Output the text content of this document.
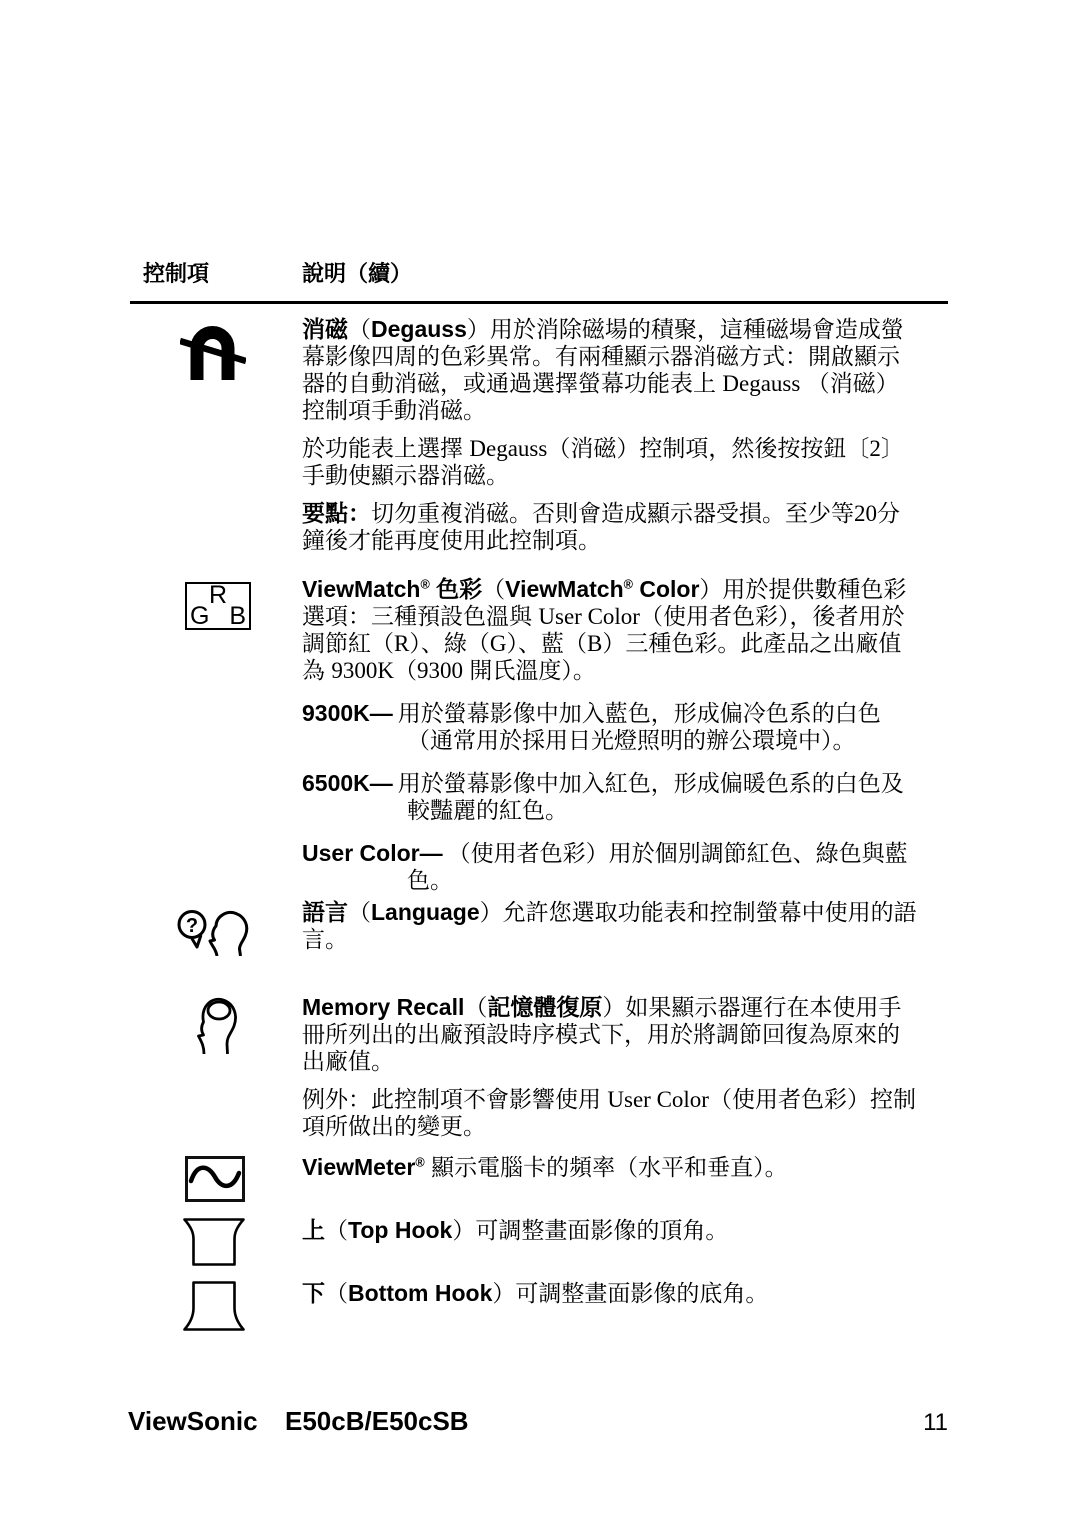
控制項	說明（續）
R
G B
?

消磁（Degauss）用於消除磁場的積聚，這種磁場會造成螢幕影像四周的色彩異常。有兩種顯示器消磁方式：開啟顯示器的自動消磁，或通過選擇螢幕功能表上 Degauss （消磁）控制項手動消磁。

於功能表上選擇 Degauss（消磁）控制項，然後按按鈕〔2〕手動使顯示器消磁。

要點：切勿重複消磁。否則會造成顯示器受損。至少等20分鐘後才能再度使用此控制項。

ViewMatch® 色彩（ViewMatch® Color）用於提供數種色彩選項：三種預設色溫與 User Color（使用者色彩），後者用於調節紅（R）、綠（G）、藍（B）三種色彩。此產品之出廠值為 9300K（9300 開氏溫度）。

9300K— 用於螢幕影像中加入藍色，形成偏冷色系的白色（通常用於採用日光燈照明的辦公環境中）。

6500K— 用於螢幕影像中加入紅色，形成偏暖色系的白色及較豔麗的紅色。

User Color— （使用者色彩）用於個別調節紅色、綠色與藍色。

語言（Language）允許您選取功能表和控制螢幕中使用的語言。

Memory Recall（記憶體復原）如果顯示器運行在本使用手冊所列出的出廠預設時序模式下，用於將調節回復為原來的出廠值。

例外：此控制項不會影響使用 User Color（使用者色彩）控制項所做出的變更。

ViewMeter® 顯示電腦卡的頻率（水平和垂直）。

上（Top Hook）可調整畫面影像的頂角。

下（Bottom Hook）可調整畫面影像的底角。

ViewSonic E50cB/E50cSB	11
